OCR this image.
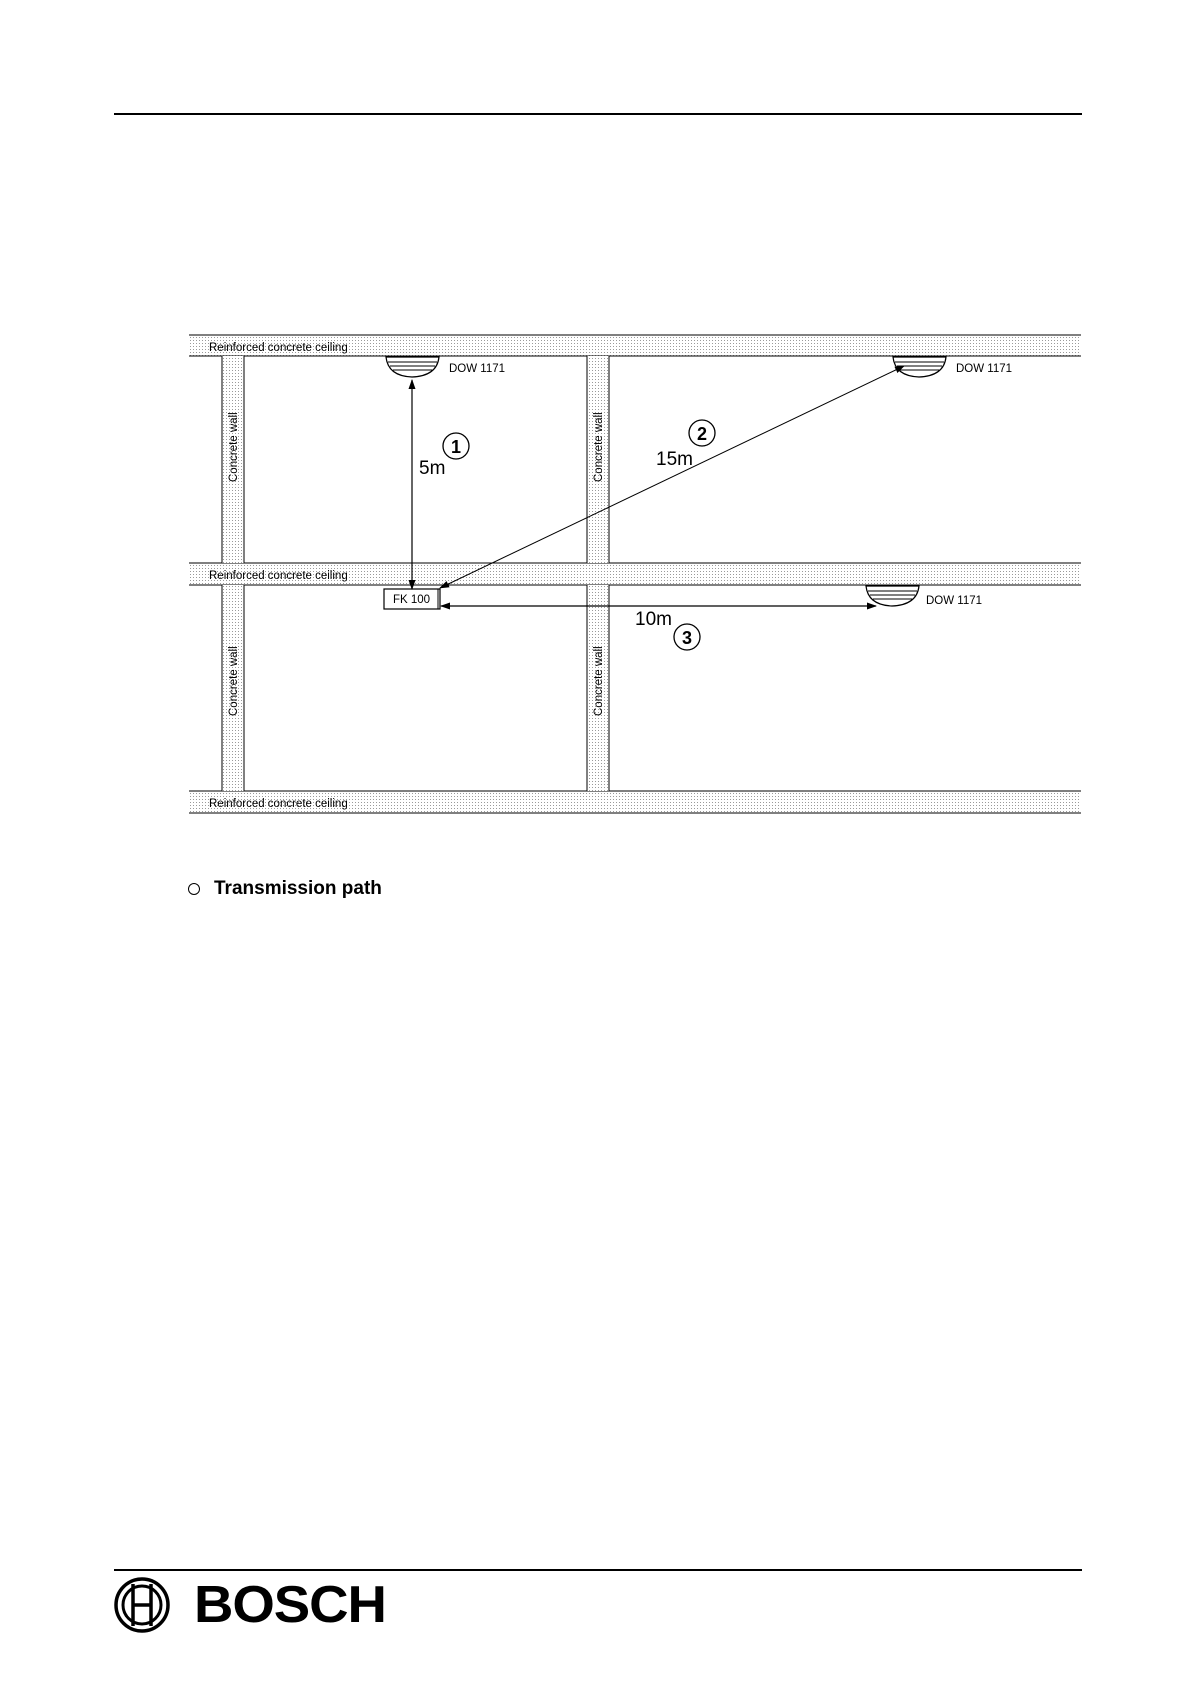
Reinforced concrete ceiling
Reinforced concrete ceiling
Reinforced concrete ceiling
Concrete wall	Concrete wall
Concrete wall	Concrete wall
DOW 1171	DOW 1171
DOW 1171
FK 100
1
5m
2
15m
3
10m
Transmission path
BOSCH
